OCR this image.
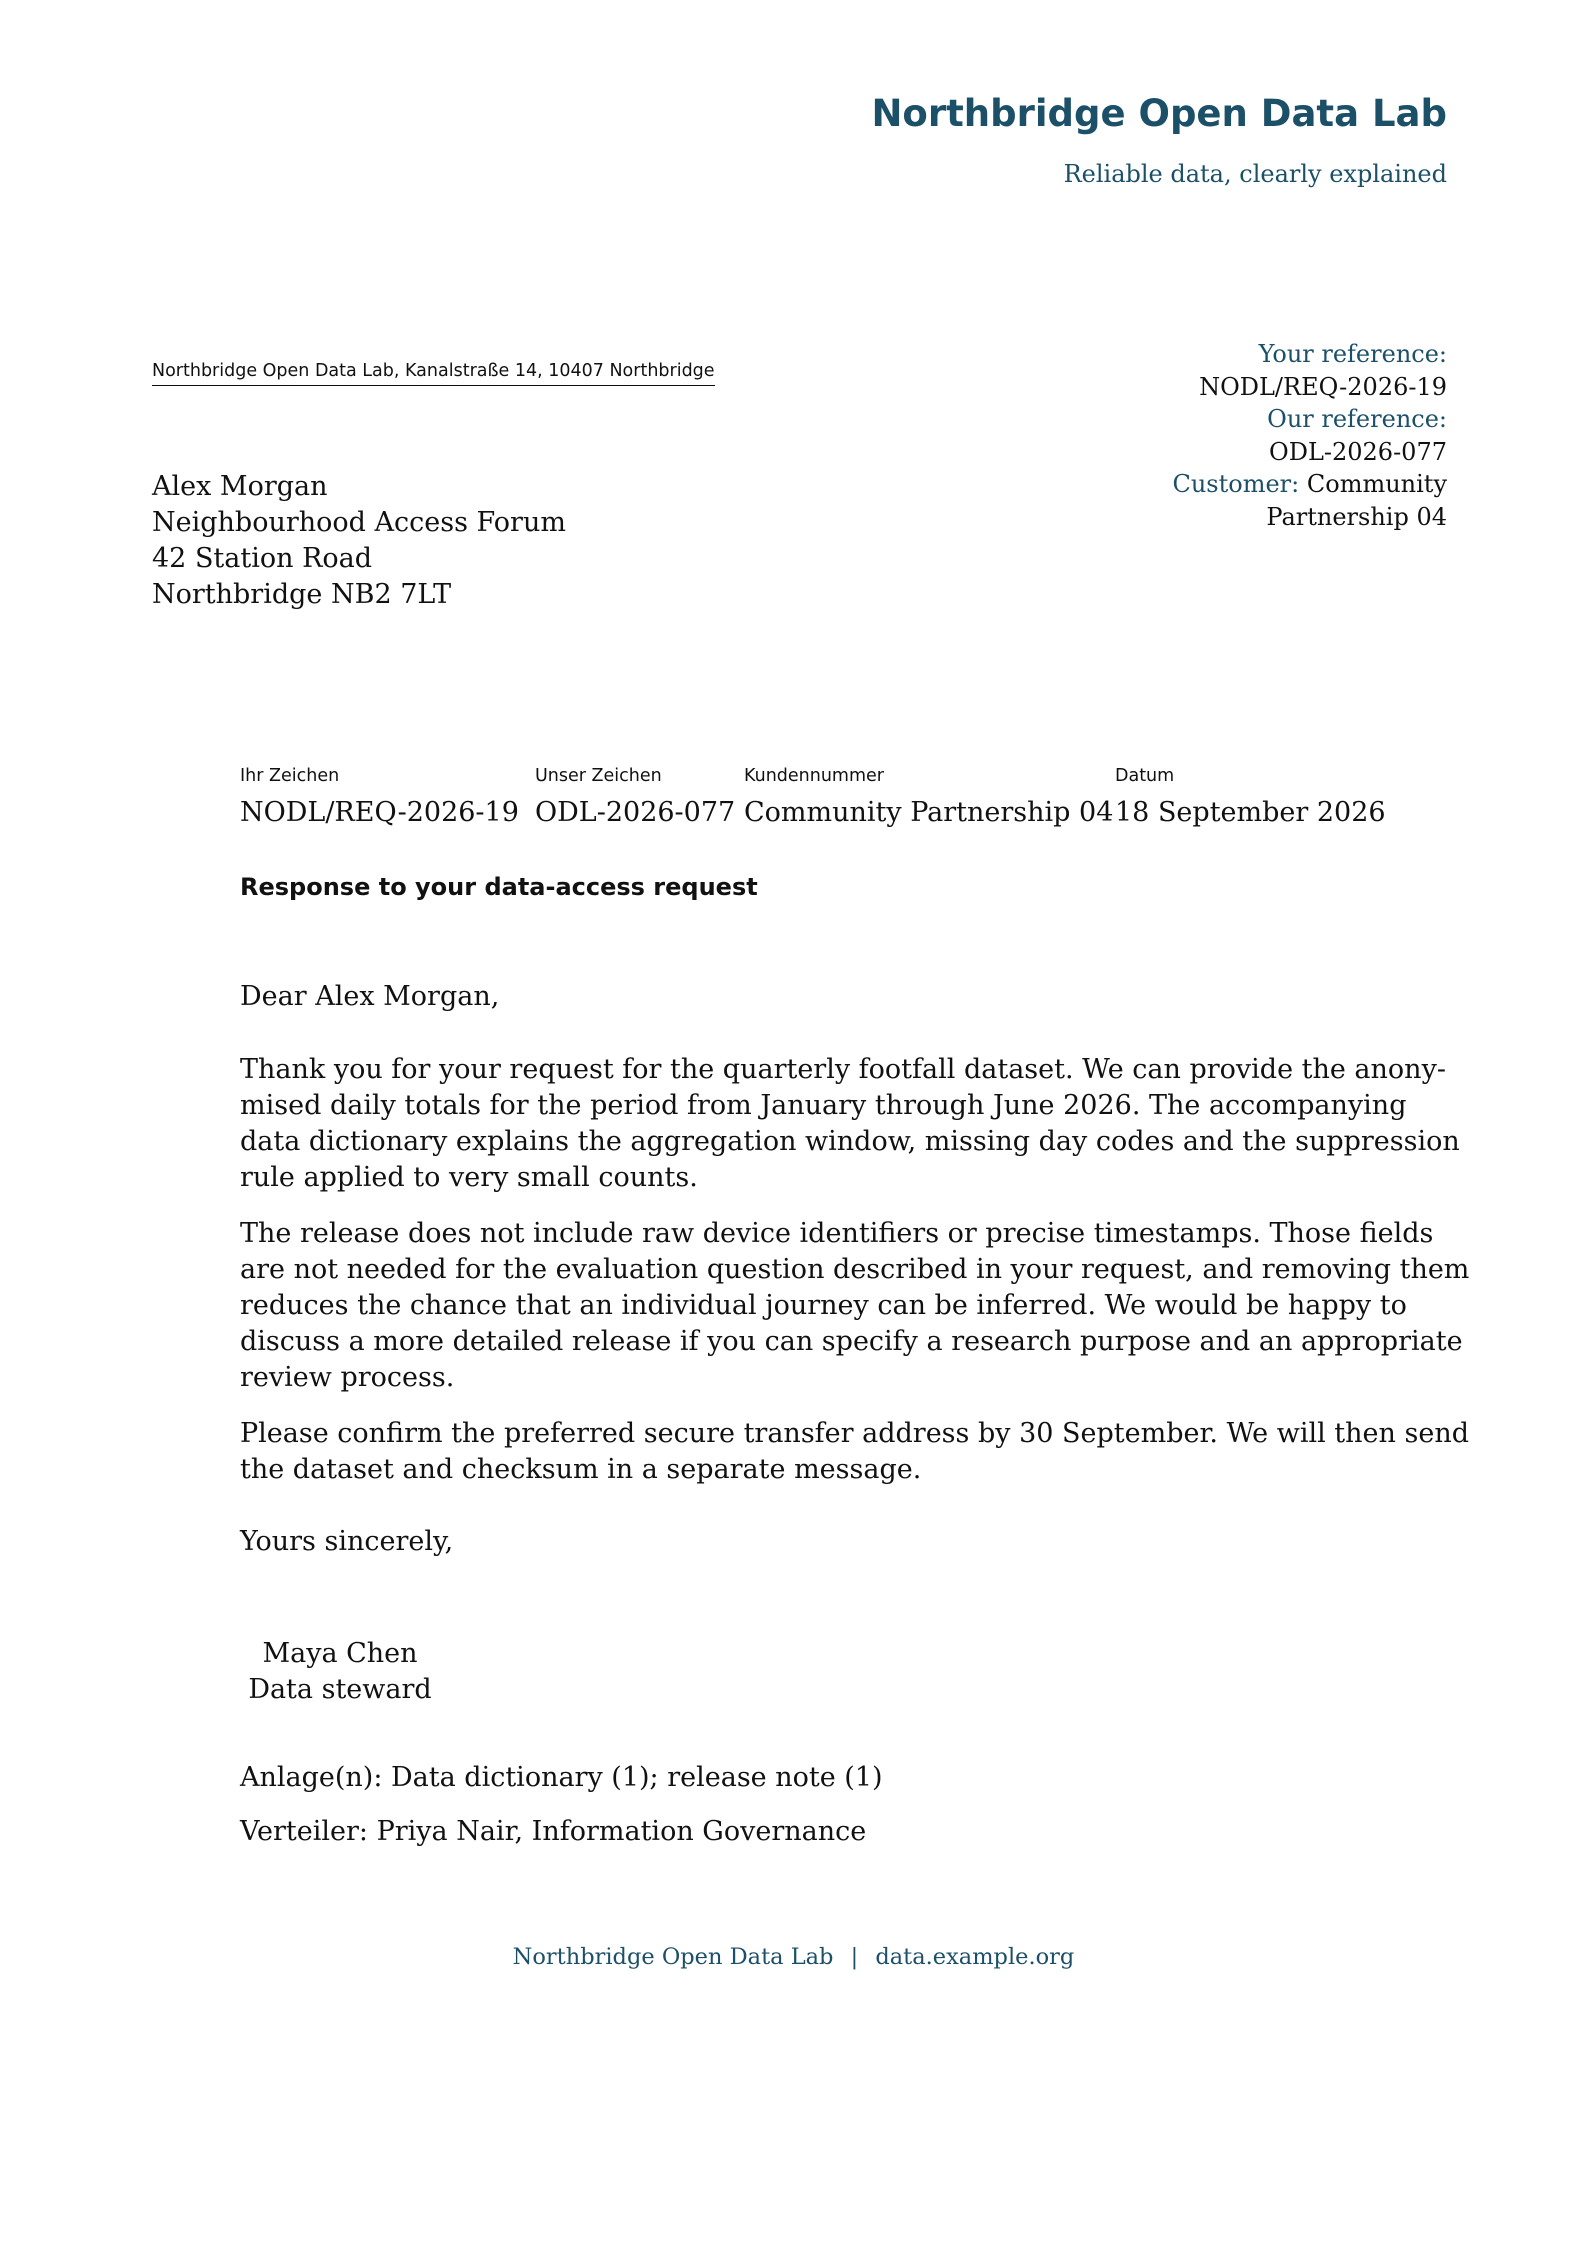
Northbridge Open Data Lab
Reliable data, clearly explained
Northbridge Open Data Lab, Kanalstraße 14, 10407 Northbridge
Your reference:
NODL/REQ-2026-19
Our reference:
ODL-2026-077
Customer: Community
Partnership 04
Alex Morgan
Neighbourhood Access Forum
42 Station Road
Northbridge NB2 7LT
Ihr Zeichen
NODL/REQ-2026-19
Unser Zeichen
ODL-2026-077
Kundennummer
Community Partnership 04
Datum
18 September 2026
Response to your data-access request
Dear Alex Morgan,
Thank you for your request for the quarterly footfall dataset. We can provide the anony-
mised daily totals for the period from January through June 2026. The accompanying
data dictionary explains the aggregation window, missing day codes and the suppression
rule applied to very small counts.
The release does not include raw device identifiers or precise timestamps. Those fields
are not needed for the evaluation question described in your request, and removing them
reduces the chance that an individual journey can be inferred. We would be happy to
discuss a more detailed release if you can specify a research purpose and an appropriate
review process.
Please confirm the preferred secure transfer address by 30 September. We will then send
the dataset and checksum in a separate message.
Yours sincerely,
Maya Chen
Data steward
Anlage(n): Data dictionary (1); release note (1)
Verteiler: Priya Nair, Information Governance
Northbridge Open Data Lab | data.example.org
